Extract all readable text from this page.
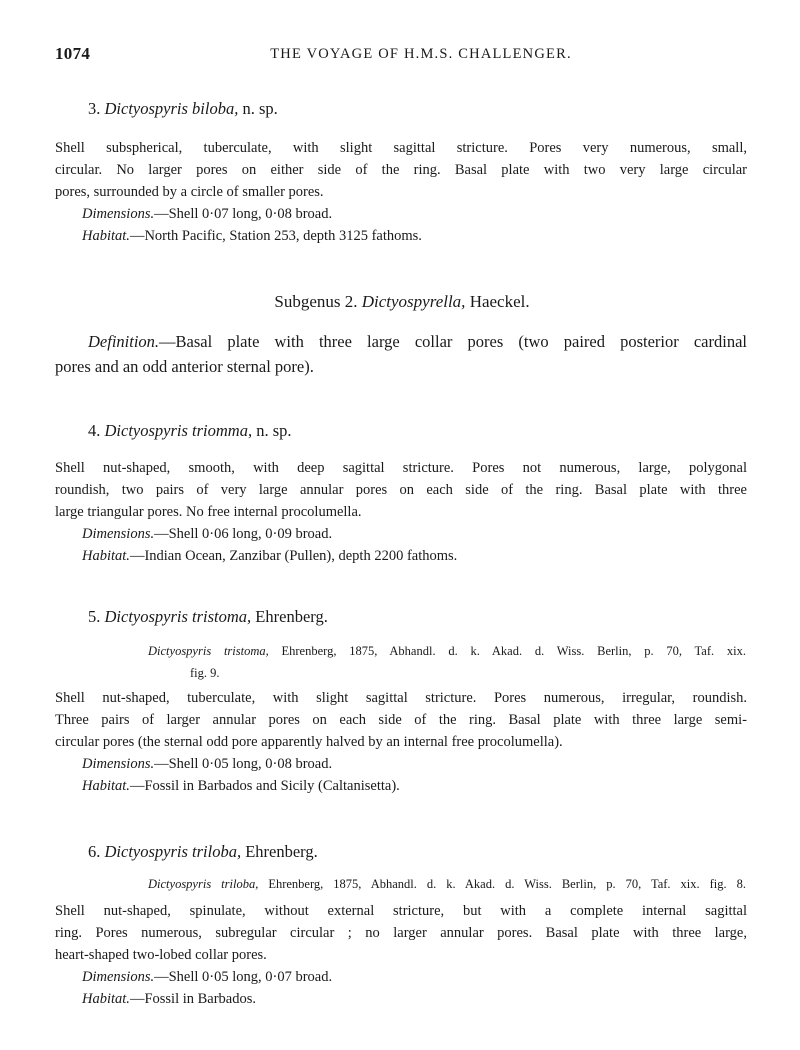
1074	THE VOYAGE OF H.M.S. CHALLENGER.
3. Dictyospyris biloba, n. sp.
Shell subspherical, tuberculate, with slight sagittal stricture. Pores very numerous, small,
circular. No larger pores on either side of the ring. Basal plate with two very large circular
pores, surrounded by a circle of smaller pores.
Dimensions.—Shell 0·07 long, 0·08 broad.
Habitat.—North Pacific, Station 253, depth 3125 fathoms.
Subgenus 2. Dictyospyrella, Haeckel.
Definition.—Basal plate with three large collar pores (two paired posterior cardinal
pores and an odd anterior sternal pore).
4. Dictyospyris triomma, n. sp.
Shell nut-shaped, smooth, with deep sagittal stricture. Pores not numerous, large, polygonal
roundish, two pairs of very large annular pores on each side of the ring. Basal plate with three
large triangular pores. No free internal procolumella.
Dimensions.—Shell 0·06 long, 0·09 broad.
Habitat.—Indian Ocean, Zanzibar (Pullen), depth 2200 fathoms.
5. Dictyospyris tristoma, Ehrenberg.
Dictyospyris tristoma, Ehrenberg, 1875, Abhandl. d. k. Akad. d. Wiss. Berlin, p. 70, Taf. xix.
fig. 9.
Shell nut-shaped, tuberculate, with slight sagittal stricture. Pores numerous, irregular, roundish.
Three pairs of larger annular pores on each side of the ring. Basal plate with three large semi-
circular pores (the sternal odd pore apparently halved by an internal free procolumella).
Dimensions.—Shell 0·05 long, 0·08 broad.
Habitat.—Fossil in Barbados and Sicily (Caltanisetta).
6. Dictyospyris triloba, Ehrenberg.
Dictyospyris triloba, Ehrenberg, 1875, Abhandl. d. k. Akad. d. Wiss. Berlin, p. 70, Taf. xix. fig. 8.
Shell nut-shaped, spinulate, without external stricture, but with a complete internal sagittal
ring. Pores numerous, subregular circular ; no larger annular pores. Basal plate with three large,
heart-shaped two-lobed collar pores.
Dimensions.—Shell 0·05 long, 0·07 broad.
Habitat.—Fossil in Barbados.
